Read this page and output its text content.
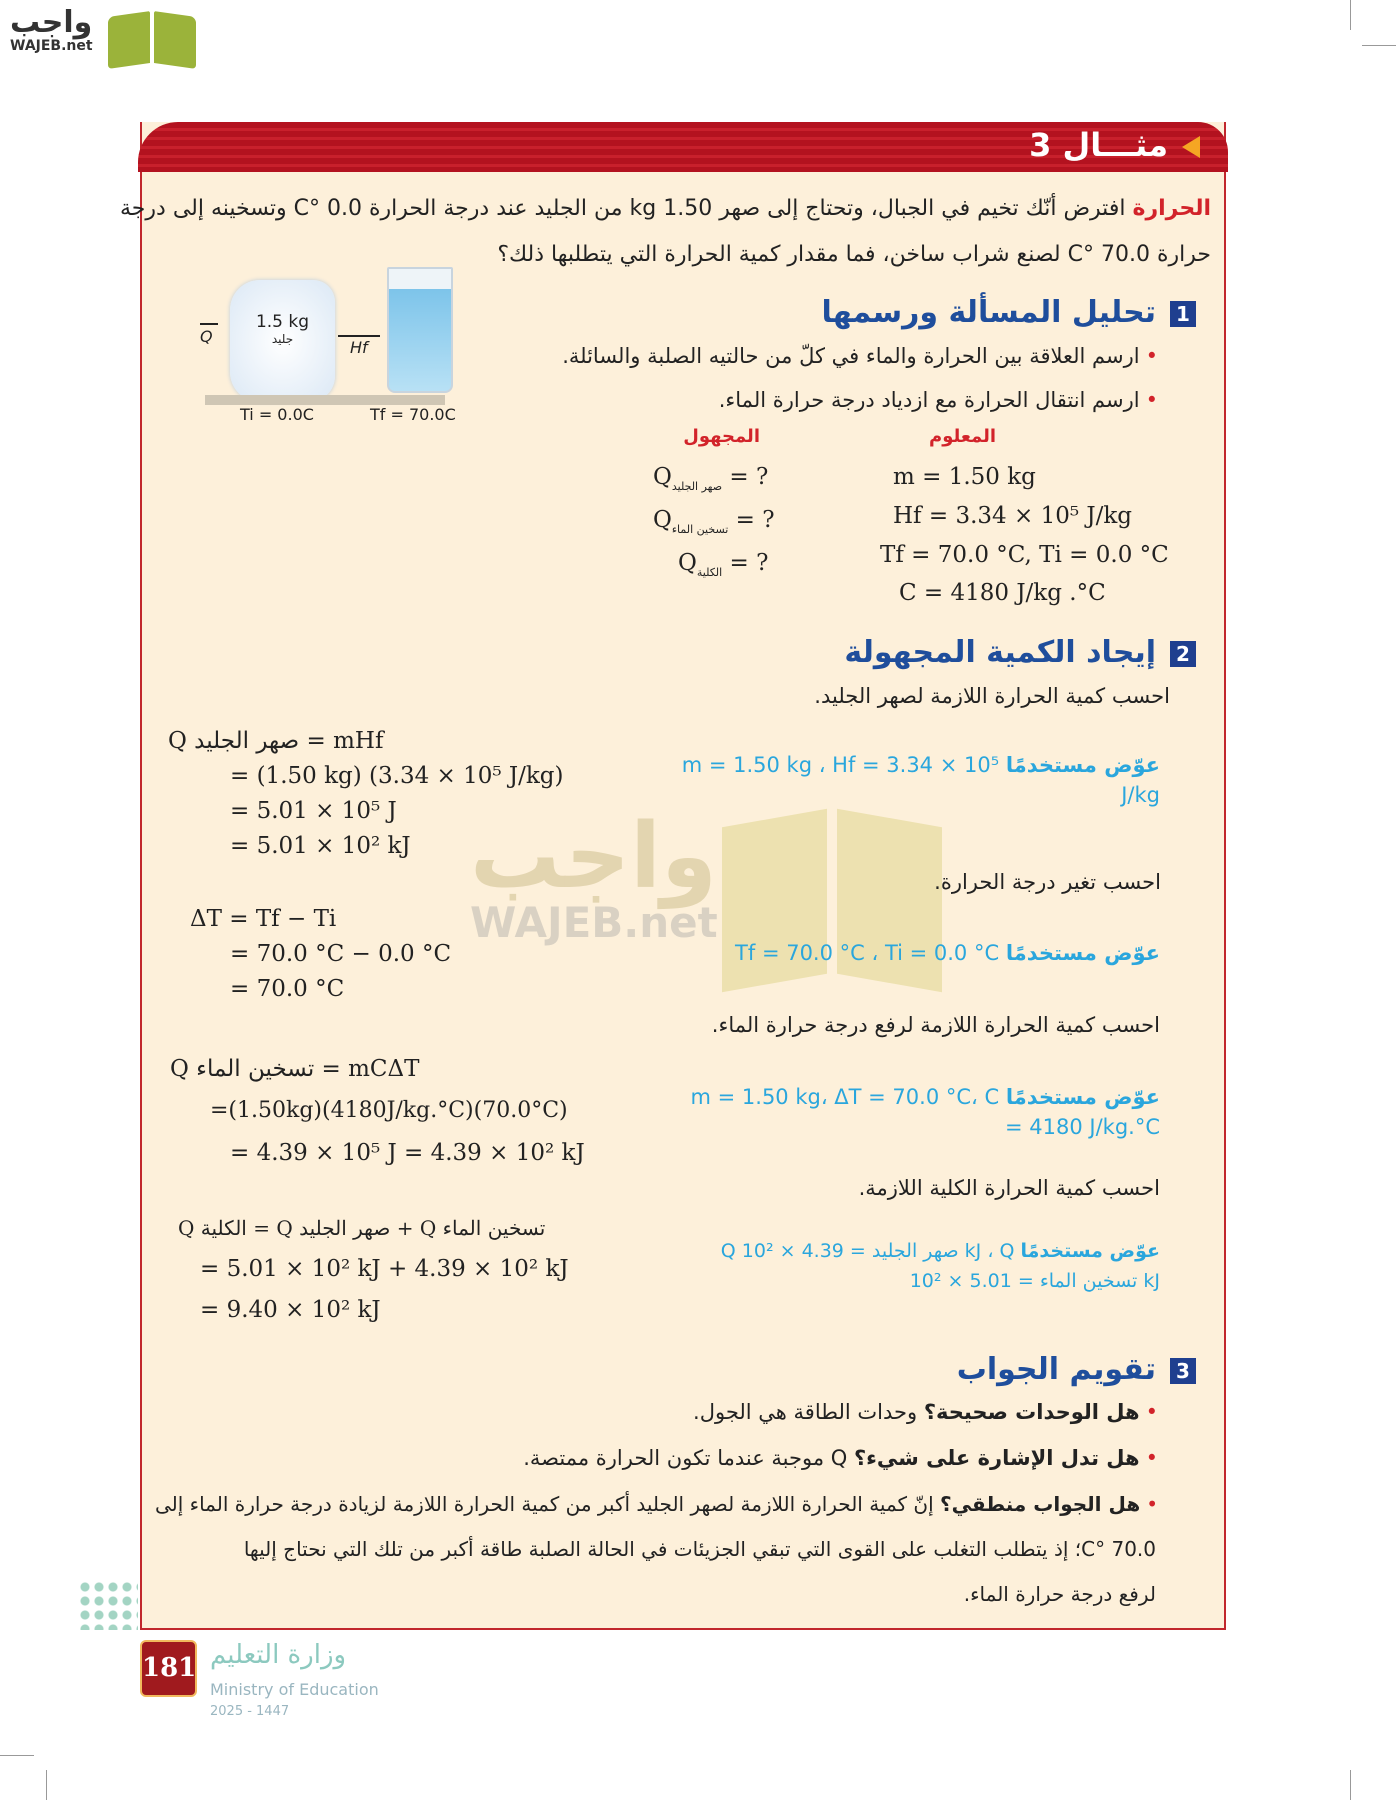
واجب
WAJEB.net
مثـــال 3
الحرارة افترض أنّك تخيم في الجبال، وتحتاج إلى صهر 1.50 kg من الجليد عند درجة الحرارة 0.0 °C وتسخينه إلى درجة
حرارة 70.0 °C لصنع شراب ساخن، فما مقدار كمية الحرارة التي يتطلبها ذلك؟
1.5 kg
جليد
Q
Hf
Ti = 0.0C	Tf = 70.0C
1تحليل المسألة ورسمها
•ارسم العلاقة بين الحرارة والماء في كلّ من حالتيه الصلبة والسائلة.
•ارسم انتقال الحرارة مع ازدياد درجة حرارة الماء.
المعلوم
المجهول
m = 1.50 kg
Hf = 3.34 × 10⁵ J/kg
Tf = 70.0 °C, Ti = 0.0 °C
C = 4180 J/kg .°C
$Q_{صهر الجليد}$ = ?
$Q_{تسخين الماء}$ = ?
$Q_{الكلية}$ = ?
واجب
WAJEB.net
2إيجاد الكمية المجهولة
احسب كمية الحرارة اللازمة لصهر الجليد.
Q صهر الجليد = mHf
= (1.50 kg) (3.34 × 10⁵ J/kg)
= 5.01 × 10⁵ J
= 5.01 × 10² kJ
عوّض مستخدمًا m = 1.50 kg ، Hf = 3.34 × 10⁵ J/kg
احسب تغير درجة الحرارة.
ΔT = Tf − Ti
= 70.0 °C − 0.0 °C
= 70.0 °C
عوّض مستخدمًا Tf = 70.0 °C ، Ti = 0.0 °C
احسب كمية الحرارة اللازمة لرفع درجة حرارة الماء.
Q تسخين الماء = mCΔT
=(1.50kg)(4180J/kg.°C)(70.0°C)
= 4.39 × 10⁵ J = 4.39 × 10² kJ
عوّض مستخدمًا m = 1.50 kg، ΔT = 70.0 °C، C = 4180 J/kg.°C
احسب كمية الحرارة الكلية اللازمة.
Q الكلية = Q صهر الجليد + Q تسخين الماء
= 5.01 × 10² kJ + 4.39 × 10² kJ
= 9.40 × 10² kJ
عوّض مستخدمًا Q صهر الجليد = 4.39 × 10² kJ ، Q تسخين الماء = 5.01 × 10² kJ
3تقويم الجواب
•هل الوحدات صحيحة؟ وحدات الطاقة هي الجول.
•هل تدل الإشارة على شيء؟ Q موجبة عندما تكون الحرارة ممتصة.
•هل الجواب منطقي؟ إنّ كمية الحرارة اللازمة لصهر الجليد أكبر من كمية الحرارة اللازمة لزيادة درجة حرارة الماء إلى
70.0 °C؛ إذ يتطلب التغلب على القوى التي تبقي الجزيئات في الحالة الصلبة طاقة أكبر من تلك التي نحتاج إليها
لرفع درجة حرارة الماء.
181 وزارة التعليم
Ministry of Education
2025 - 1447
